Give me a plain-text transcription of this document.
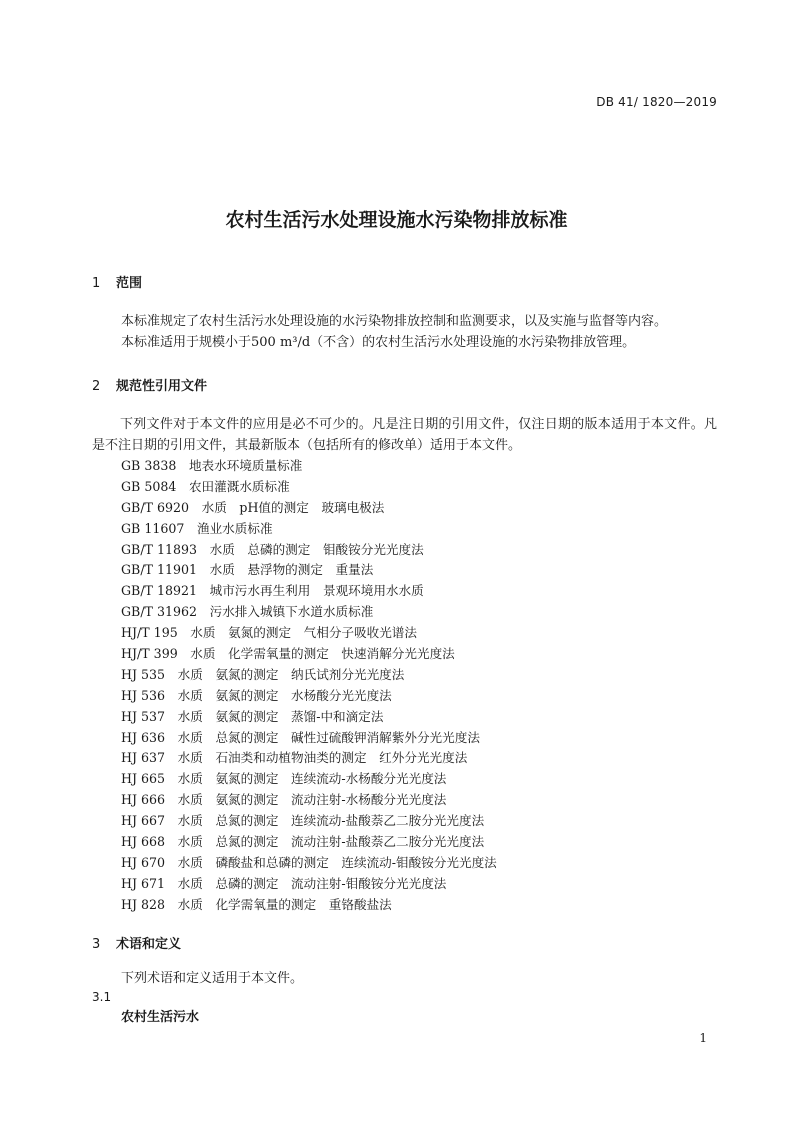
DB 41/ 1820—2019
农村生活污水处理设施水污染物排放标准
1 范围
本标准规定了农村生活污水处理设施的水污染物排放控制和监测要求，以及实施与监督等内容。
本标准适用于规模小于500 m³/d（不含）的农村生活污水处理设施的水污染物排放管理。
2 规范性引用文件
下列文件对于本文件的应用是必不可少的。凡是注日期的引用文件，仅注日期的版本适用于本文件。凡是不注日期的引用文件，其最新版本（包括所有的修改单）适用于本文件。
GB 3838　地表水环境质量标准
GB 5084　农田灌溉水质标准
GB/T 6920　水质　pH值的测定　玻璃电极法
GB 11607　渔业水质标准
GB/T 11893　水质　总磷的测定　钼酸铵分光光度法
GB/T 11901　水质　悬浮物的测定　重量法
GB/T 18921　城市污水再生利用　景观环境用水水质
GB/T 31962　污水排入城镇下水道水质标准
HJ/T 195　水质　氨氮的测定　气相分子吸收光谱法
HJ/T 399　水质　化学需氧量的测定　快速消解分光光度法
HJ 535　水质　氨氮的测定　纳氏试剂分光光度法
HJ 536　水质　氨氮的测定　水杨酸分光光度法
HJ 537　水质　氨氮的测定　蒸馏-中和滴定法
HJ 636　水质　总氮的测定　碱性过硫酸钾消解紫外分光光度法
HJ 637　水质　石油类和动植物油类的测定　红外分光光度法
HJ 665　水质　氨氮的测定　连续流动-水杨酸分光光度法
HJ 666　水质　氨氮的测定　流动注射-水杨酸分光光度法
HJ 667　水质　总氮的测定　连续流动-盐酸萘乙二胺分光光度法
HJ 668　水质　总氮的测定　流动注射-盐酸萘乙二胺分光光度法
HJ 670　水质　磷酸盐和总磷的测定　连续流动-钼酸铵分光光度法
HJ 671　水质　总磷的测定　流动注射-钼酸铵分光光度法
HJ 828　水质　化学需氧量的测定　重铬酸盐法
3 术语和定义
下列术语和定义适用于本文件。
3.1
农村生活污水
1
